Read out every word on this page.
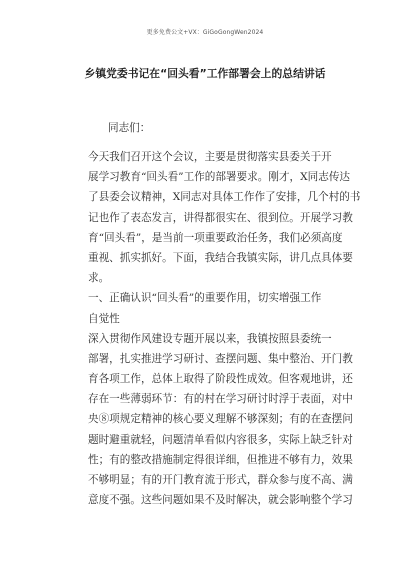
更多免费公文+VX：GiGoGongWen2024
乡镇党委书记在“回头看”工作部署会上的总结讲话
同志们：
今天我们召开这个会议，主要是贯彻落实县委关于开
展学习教育“回头看”工作的部署要求。刚才，X同志传达
了县委会议精神，X同志对具体工作作了安排，几个村的书
记也作了表态发言，讲得都很实在、很到位。开展学习教
育“回头看”，是当前一项重要政治任务，我们必须高度
重视、抓实抓好。下面，我结合我镇实际，讲几点具体要
求。
一、正确认识“回头看”的重要作用，切实增强工作
自觉性
深入贯彻作风建设专题开展以来，我镇按照县委统一
部署，扎实推进学习研讨、查摆问题、集中整治、开门教
育各项工作，总体上取得了阶段性成效。但客观地讲，还
存在一些薄弱环节：有的村在学习研讨时浮于表面，对中
央⑧项规定精神的核心要义理解不够深刻；有的在查摆问
题时避重就轻，问题清单看似内容很多，实际上缺乏针对
性；有的整改措施制定得很详细，但推进不够有力，效果
不够明显；有的开门教育流于形式，群众参与度不高、满
意度不强。这些问题如果不及时解决，就会影响整个学习
